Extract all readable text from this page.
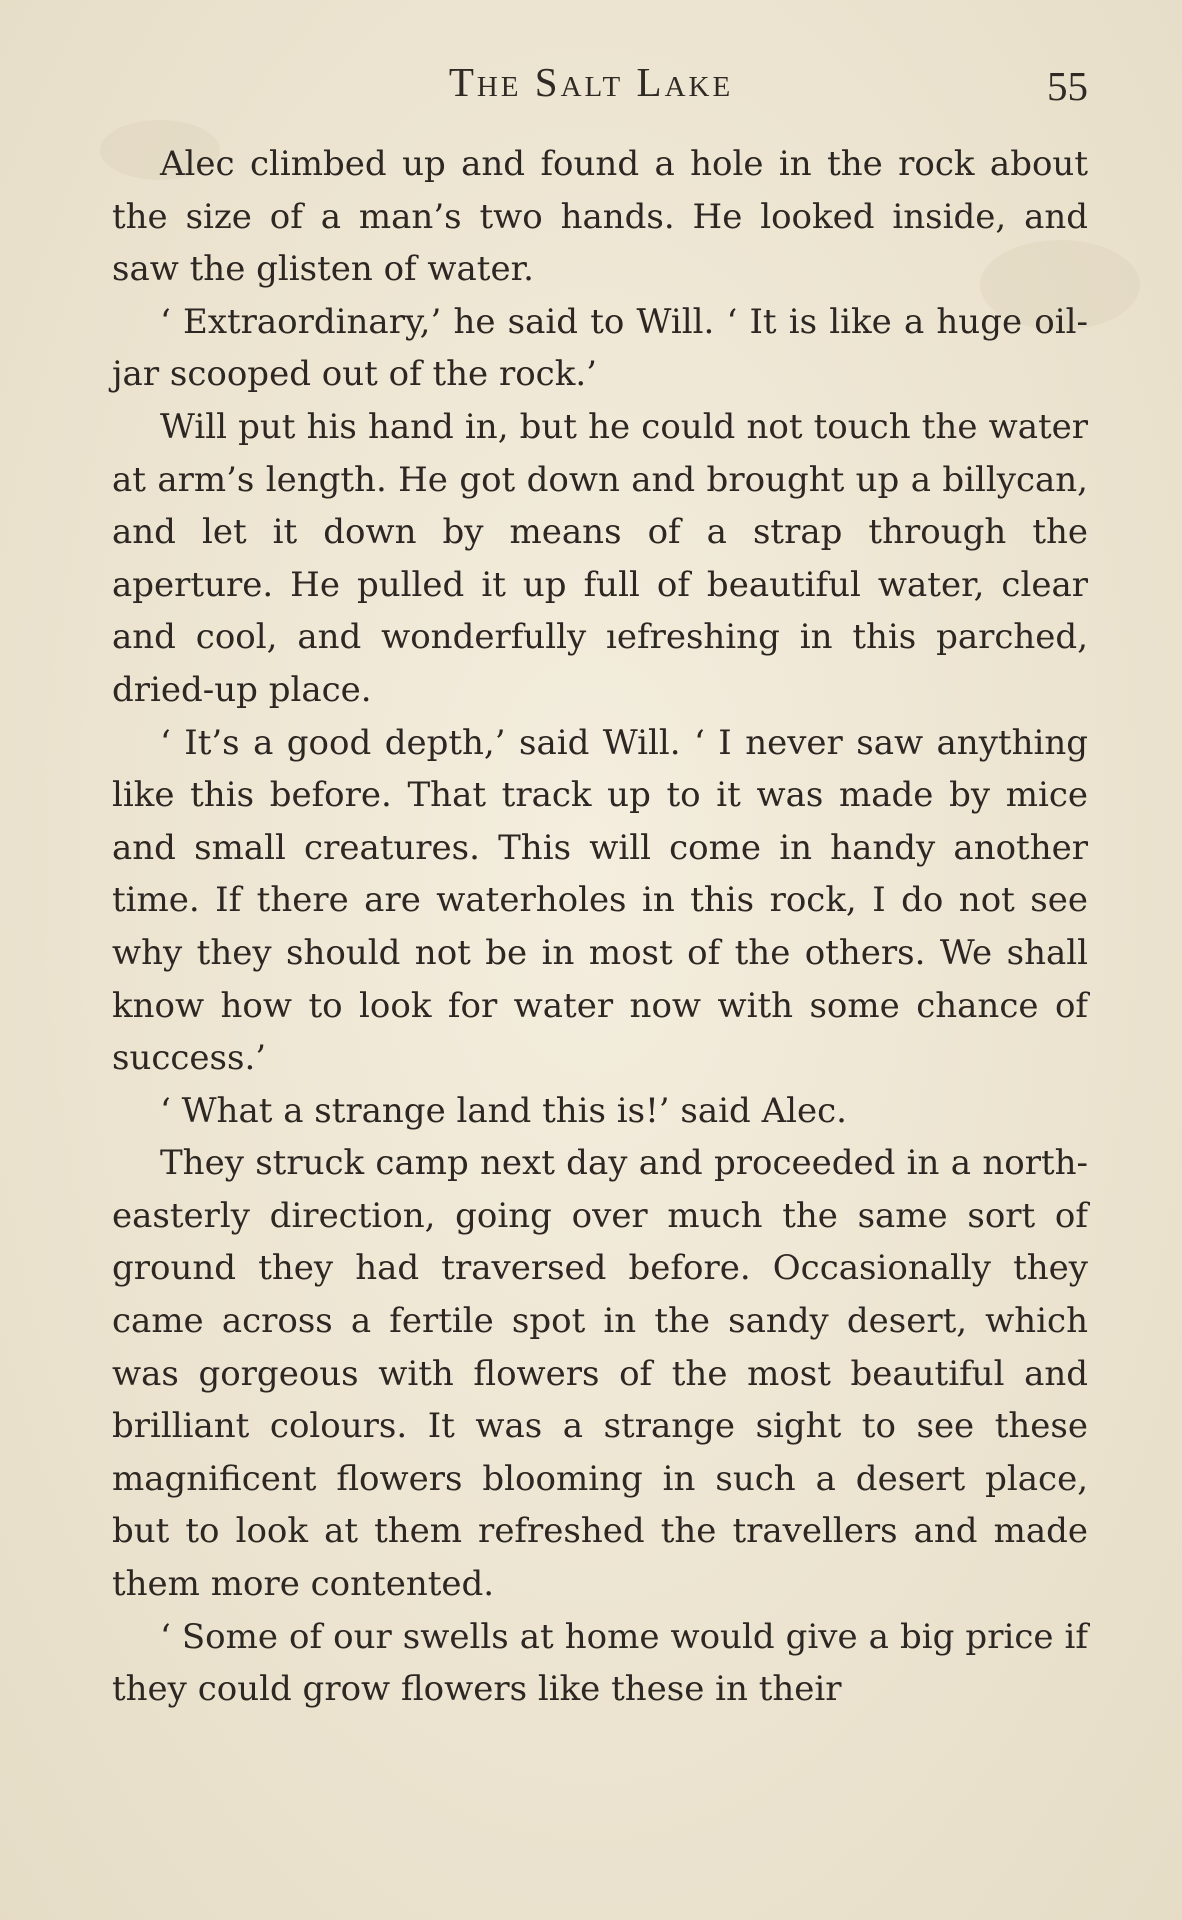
The Salt Lake	55

Alec climbed up and found a hole in the rock about the size of a man’s two hands. He looked inside, and saw the glisten of water.

‘ Extraordinary,’ he said to Will. ‘ It is like a huge oil-jar scooped out of the rock.’

Will put his hand in, but he could not touch the water at arm’s length. He got down and brought up a billycan, and let it down by means of a strap through the aperture. He pulled it up full of beautiful water, clear and cool, and wonderfully ıefreshing in this parched, dried-up place.

‘ It’s a good depth,’ said Will. ‘ I never saw anything like this before. That track up to it was made by mice and small creatures. This will come in handy another time. If there are waterholes in this rock, I do not see why they should not be in most of the others. We shall know how to look for water now with some chance of success.’

‘ What a strange land this is!’ said Alec.

They struck camp next day and proceeded in a north-easterly direction, going over much the same sort of ground they had traversed before. Occasionally they came across a fertile spot in the sandy desert, which was gorgeous with flowers of the most beautiful and brilliant colours. It was a strange sight to see these magnificent flowers blooming in such a desert place, but to look at them refreshed the travellers and made them more contented.

‘ Some of our swells at home would give a big price if they could grow flowers like these in their
